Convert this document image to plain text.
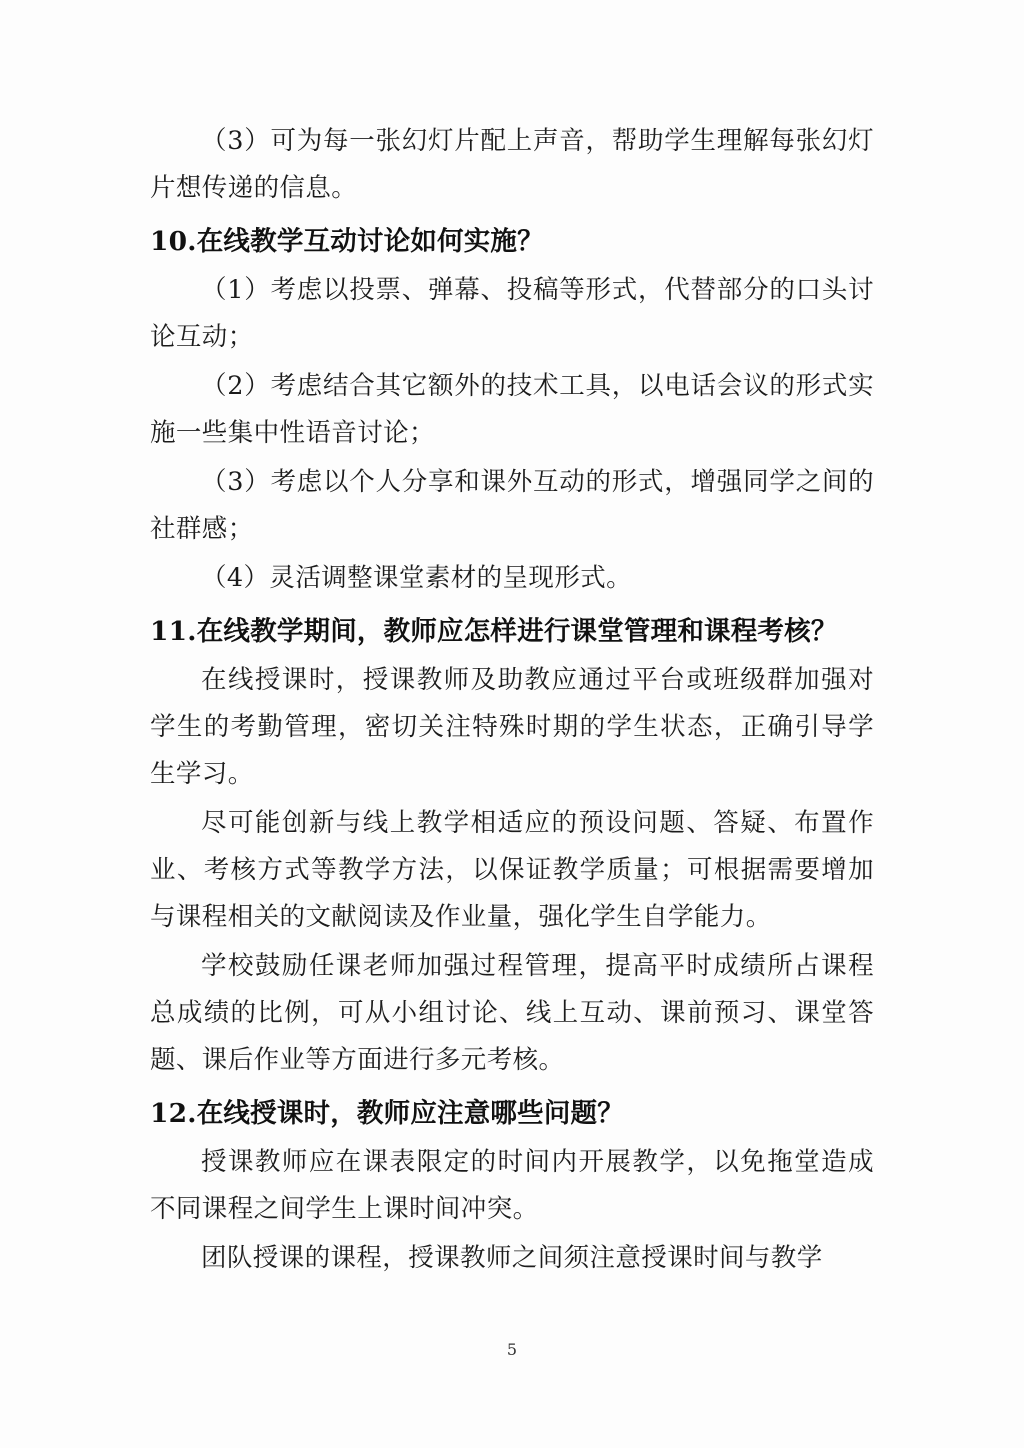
（3）可为每一张幻灯片配上声音，帮助学生理解每张幻灯片想传递的信息。

10.在线教学互动讨论如何实施？

（1）考虑以投票、弹幕、投稿等形式，代替部分的口头讨论互动；

（2）考虑结合其它额外的技术工具，以电话会议的形式实施一些集中性语音讨论；

（3）考虑以个人分享和课外互动的形式，增强同学之间的社群感；

（4）灵活调整课堂素材的呈现形式。

11.在线教学期间，教师应怎样进行课堂管理和课程考核？

在线授课时，授课教师及助教应通过平台或班级群加强对学生的考勤管理，密切关注特殊时期的学生状态，正确引导学生学习。

尽可能创新与线上教学相适应的预设问题、答疑、布置作业、考核方式等教学方法，以保证教学质量；可根据需要增加与课程相关的文献阅读及作业量，强化学生自学能力。

学校鼓励任课老师加强过程管理，提高平时成绩所占课程总成绩的比例，可从小组讨论、线上互动、课前预习、课堂答题、课后作业等方面进行多元考核。

12.在线授课时，教师应注意哪些问题？

授课教师应在课表限定的时间内开展教学，以免拖堂造成不同课程之间学生上课时间冲突。

团队授课的课程，授课教师之间须注意授课时间与教学

5
